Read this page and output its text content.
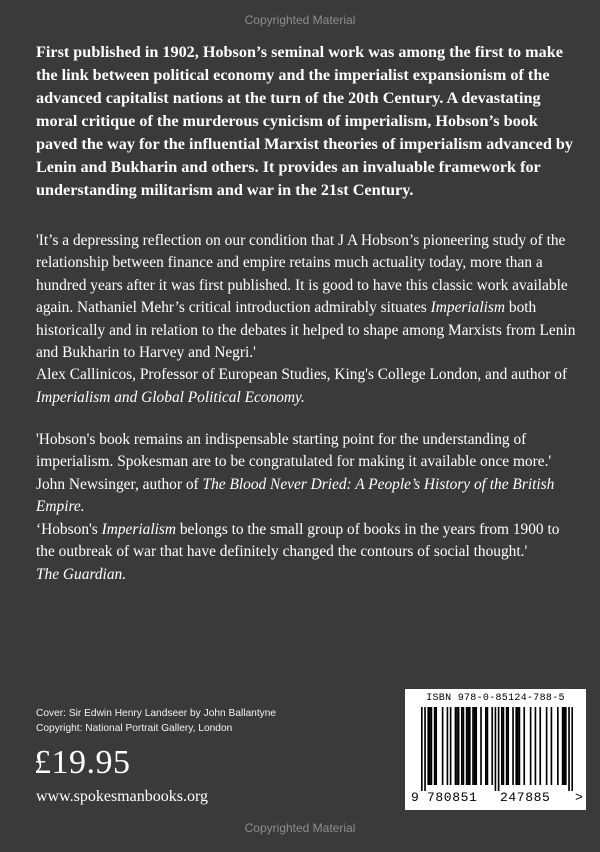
Copyrighted Material

First published in 1902, Hobson’s seminal work was among the first to make the link between political economy and the imperialist expansionism of the advanced capitalist nations at the turn of the 20th Century. A devastating moral critique of the murderous cynicism of imperialism, Hobson’s book paved the way for the influential Marxist theories of imperialism advanced by Lenin and Bukharin and others. It provides an invaluable framework for understanding militarism and war in the 21st Century.

'It’s a depressing reflection on our condition that J A Hobson’s pioneering study of the relationship between finance and empire retains much actuality today, more than a hundred years after it was first published. It is good to have this classic work available again. Nathaniel Mehr’s critical introduction admirably situates Imperialism both historically and in relation to the debates it helped to shape among Marxists from Lenin and Bukharin to Harvey and Negri.'
Alex Callinicos, Professor of European Studies, King's College London, and author of Imperialism and Global Political Economy.

'Hobson's book remains an indispensable starting point for the understanding of imperialism. Spokesman are to be congratulated for making it available once more.' John Newsinger, author of The Blood Never Dried: A People’s History of the British Empire.

‘Hobson's Imperialism belongs to the small group of books in the years from 1900 to the outbreak of war that have definitely changed the contours of social thought.'
The Guardian.

Cover: Sir Edwin Henry Landseer by John Ballantyne
Copyright: National Portrait Gallery, London
£19.95
www.spokesmanbooks.org
ISBN 978-0-85124-788-5
9 780851 247885 >
Copyrighted Material
